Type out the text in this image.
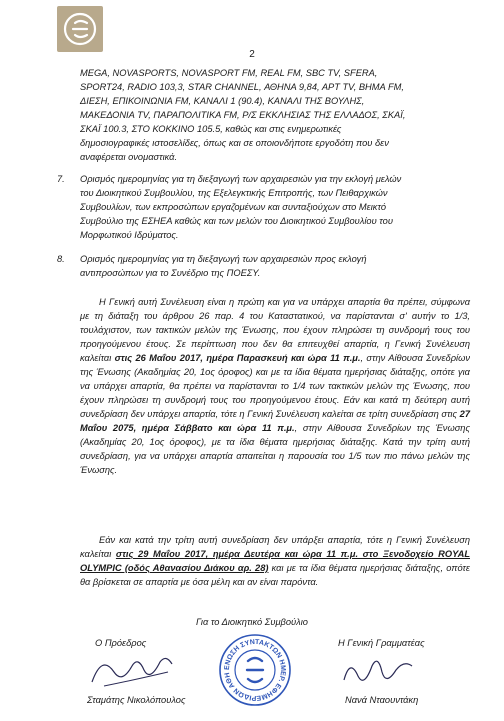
2

MEGA, NOVASPORTS, NOVASPORT FM, REAL FM, SBC TV, SFERA,

SPORT24, RADIO 103,3, STAR CHANNEL, ΑΘΗΝΑ 9,84, ΑΡΤ TV, ΒΗΜΑ FM,

ΔΙΕΣΗ, ΕΠΙΚΟΙΝΩΝΙΑ FM, ΚΑΝΑΛΙ 1 (90.4), ΚΑΝΑΛΙ ΤΗΣ ΒΟΥΛΗΣ,

ΜΑΚΕΔΟΝΙΑ TV, ΠΑΡΑΠΟΛΙΤΙΚΑ FM, Ρ/Σ ΕΚΚΛΗΣΙΑΣ ΤΗΣ ΕΛΛΑΔΟΣ, ΣΚΑΪ,

ΣΚΑΪ 100.3, ΣΤΟ ΚΟΚΚΙΝΟ 105.5, καθώς και στις ενημερωτικές

δημοσιογραφικές ιστοσελίδες, όπως και σε οποιονδήποτε εργοδότη που δεν

αναφέρεται ονομαστικά.

7.	Ορισμός ημερομηνίας για τη διεξαγωγή των αρχαιρεσιών για την εκλογή μελών

του Διοικητικού Συμβουλίου, της Εξελεγκτικής Επιτροπής, των Πειθαρχικών

Συμβουλίων, των εκπροσώπων εργαζομένων και συνταξιούχων στο Μεικτό

Συμβούλιο της ΕΣΗΕΑ καθώς και των μελών του Διοικητικού Συμβουλίου του

Μορφωτικού Ιδρύματος.

8.	Ορισμός ημερομηνίας για τη διεξαγωγή των αρχαιρεσιών προς εκλογή

αντιπροσώπων για το Συνέδριο της ΠΟΕΣΥ.

Η Γενική αυτή Συνέλευση είναι η πρώτη και για να υπάρχει απαρτία θα πρέπει, σύμφωνα με τη διάταξη του άρθρου 26 παρ. 4 του Καταστατικού, να παρίστανται σ' αυτήν το 1/3, τουλάχιστον, των τακτικών μελών της Ένωσης, που έχουν πληρώσει τη συνδρομή τους του προηγούμενου έτους. Σε περίπτωση που δεν θα επιτευχθεί απαρτία, η Γενική Συνέλευση καλείται στις 26 Μαΐου 2017, ημέρα Παρασκευή και ώρα 11 π.μ., στην Αίθουσα Συνεδρίων της Ένωσης (Ακαδημίας 20, 1ος όροφος) και με τα ίδια θέματα ημερήσιας διάταξης, οπότε για να υπάρχει απαρτία, θα πρέπει να παρίστανται το 1/4 των τακτικών μελών της Ένωσης, που έχουν πληρώσει τη συνδρομή τους του προηγούμενου έτους. Εάν και κατά τη δεύτερη αυτή συνεδρίαση δεν υπάρχει απαρτία, τότε η Γενική Συνέλευση καλείται σε τρίτη συνεδρίαση στις 27 Μαΐου 2075, ημέρα Σάββατο και ώρα 11 π.μ., στην Αίθουσα Συνεδρίων της Ένωσης (Ακαδημίας 20, 1ος όροφος), με τα ίδια θέματα ημερήσιας διάταξης. Κατά την τρίτη αυτή συνεδρίαση, για να υπάρχει απαρτία απαιτείται η παρουσία του 1/5 των πιο πάνω μελών της Ένωσης.

Εάν και κατά την τρίτη αυτή συνεδρίαση δεν υπάρξει απαρτία, τότε η Γενική Συνέλευση καλείται στις 29 Μαΐου 2017, ημέρα Δευτέρα και ώρα 11 π.μ. στο Ξενοδοχείο ROYAL OLYMPIC (οδός Αθανασίου Διάκου αρ. 28) και με τα ίδια θέματα ημερήσιας διάταξης, οπότε θα βρίσκεται σε απαρτία με όσα μέλη και αν είναι παρόντα.

Για το Διοικητικό Συμβούλιο
Ο Πρόεδρος	Η Γενική Γραμματέας
ΕΝΩΣΗ ΣΥΝΤΑΚΤΩΝ ΗΜΕΡ. ΕΦΗΜΕΡΙΔΩΝ ΑΘΗ
Σταμάτης Νικολόπουλος	Νανά Νταουντάκη
